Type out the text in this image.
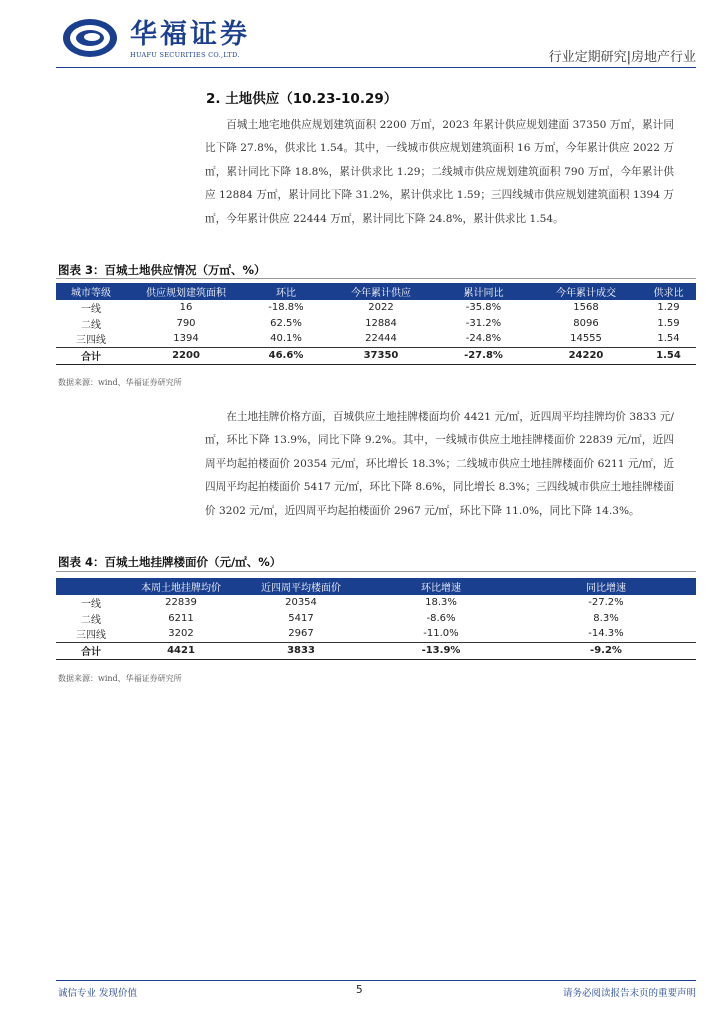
华福证券
HUAFU SECURITIES CO.,LTD.	行业定期研究|房地产行业
2. 土地供应（10.23-10.29）

百城土地宅地供应规划建筑面积 2200 万㎡，2023 年累计供应规划建面 37350 万㎡，累计同比下降 27.8%，供求比 1.54。其中，一线城市供应规划建筑面积 16 万㎡，今年累计供应 2022 万㎡，累计同比下降 18.8%，累计供求比 1.29；二线城市供应规划建筑面积 790 万㎡，今年累计供应 12884 万㎡，累计同比下降 31.2%，累计供求比 1.59；三四线城市供应规划建筑面积 1394 万㎡，今年累计供应 22444 万㎡，累计同比下降 24.8%，累计供求比 1.54。

图表 3：百城土地供应情况（万㎡、%）
城市等级	供应规划建筑面积	环比	今年累计供应	累计同比	今年累计成交	供求比
一线	16	-18.8%	2022	-35.8%	1568	1.29
二线	790	62.5%	12884	-31.2%	8096	1.59
三四线	1394	40.1%	22444	-24.8%	14555	1.54
合计	2200	46.6%	37350	-27.8%	24220	1.54
数据来源：wind、华福证券研究所

在土地挂牌价格方面，百城供应土地挂牌楼面均价 4421 元/㎡，近四周平均挂牌均价 3833 元/㎡，环比下降 13.9%，同比下降 9.2%。其中，一线城市供应土地挂牌楼面价 22839 元/㎡，近四周平均起拍楼面价 20354 元/㎡，环比增长 18.3%；二线城市供应土地挂牌楼面价 6211 元/㎡，近四周平均起拍楼面价 5417 元/㎡，环比下降 8.6%，同比增长 8.3%；三四线城市供应土地挂牌楼面价 3202 元/㎡，近四周平均起拍楼面价 2967 元/㎡，环比下降 11.0%，同比下降 14.3%。

图表 4：百城土地挂牌楼面价（元/㎡、%）
	本周土地挂牌均价	近四周平均楼面价	环比增速	同比增速
一线	22839	20354	18.3%	-27.2%
二线	6211	5417	-8.6%	8.3%
三四线	3202	2967	-11.0%	-14.3%
合计	4421	3833	-13.9%	-9.2%
数据来源：wind、华福证券研究所
诚信专业 发现价值	5	请务必阅读报告末页的重要声明
